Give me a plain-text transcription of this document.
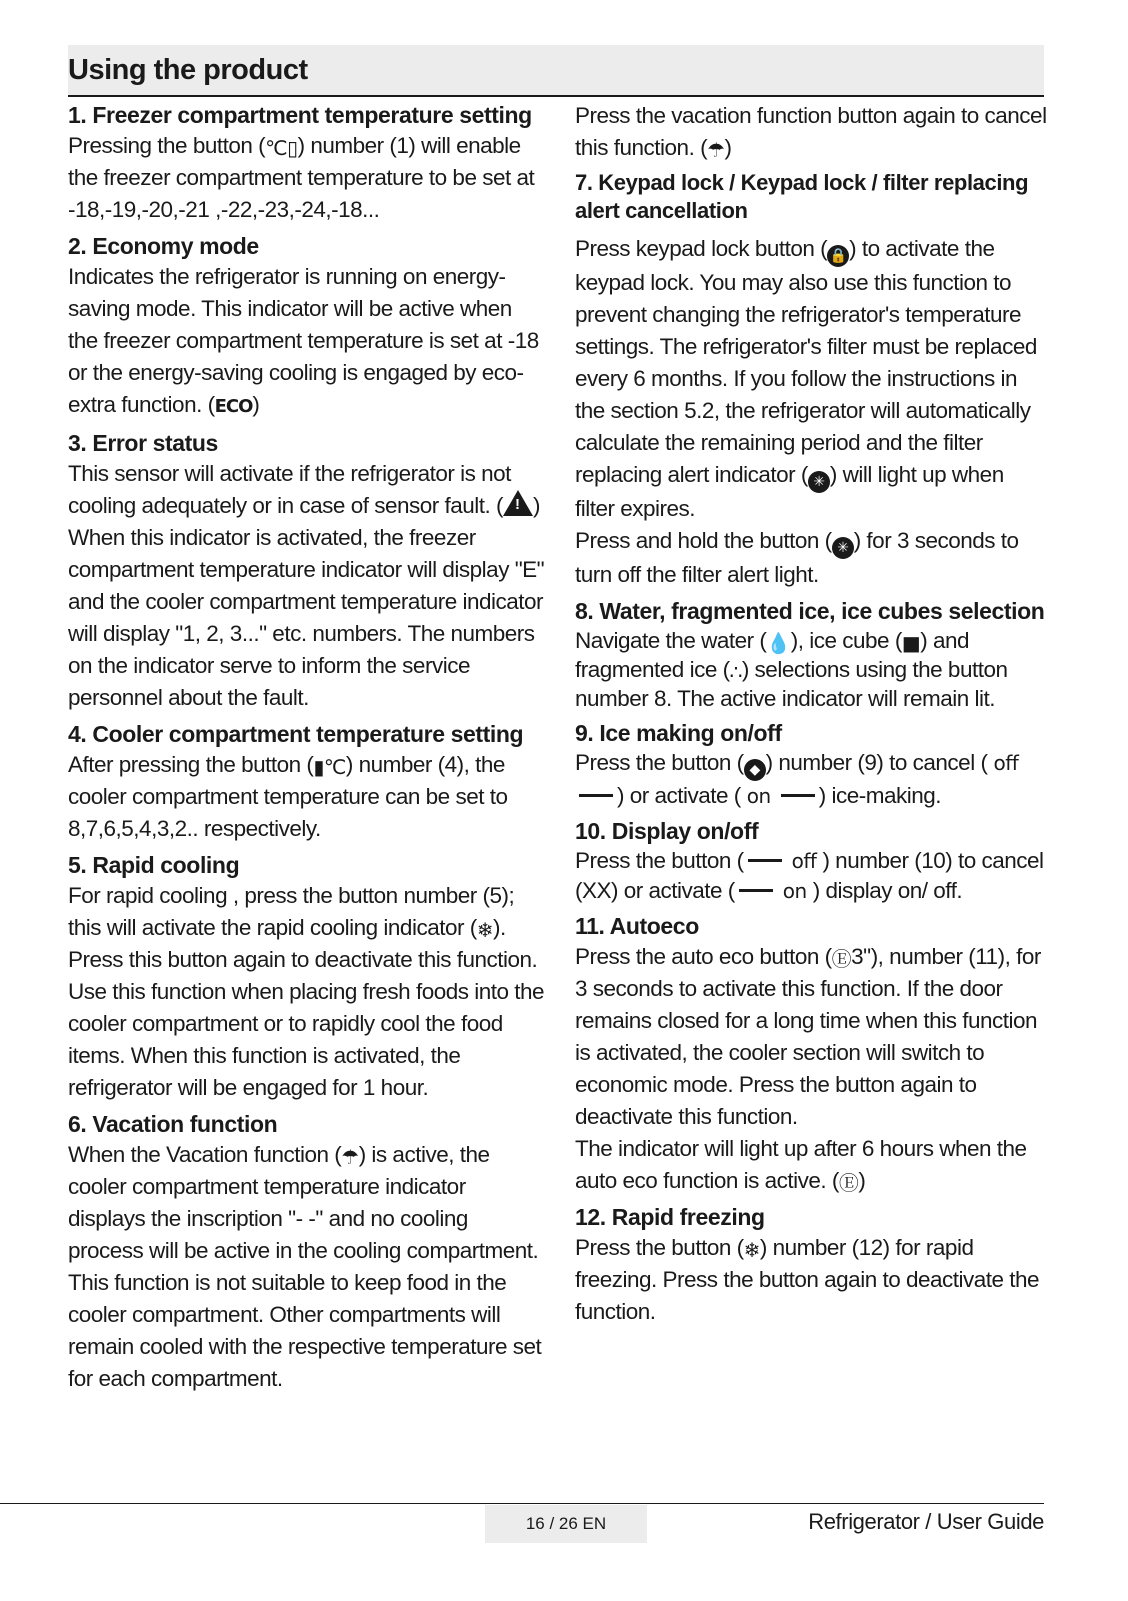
Using the product
1. Freezer compartment temperature setting

Pressing the button (℃▯) number (1) will enable the freezer compartment temperature to be set at -18,-19,-20,-21 ,-22,-23,-24,-18...

2. Economy mode

Indicates the refrigerator is running on energy-saving mode. This indicator will be active when the freezer compartment temperature is set at -18 or the energy-saving cooling is engaged by eco-extra function. (ECO)

3. Error status

This sensor will activate if the refrigerator is not cooling adequately or in case of sensor fault. (! )

When this indicator is activated, the freezer compartment temperature indicator will display "E" and the cooler compartment temperature indicator will display "1, 2, 3..." etc. numbers. The numbers on the indicator serve to inform the service personnel about the fault.

4. Cooler compartment temperature setting

After pressing the button (▮℃) number (4), the cooler compartment temperature can be set to 8,7,6,5,4,3,2.. respectively.

5. Rapid cooling

For rapid cooling , press the button number (5); this will activate the rapid cooling indicator (❄).

Press this button again to deactivate this function.

Use this function when placing fresh foods into the cooler compartment or to rapidly cool the food items. When this function is activated, the refrigerator will be engaged for 1 hour.

6. Vacation function

When the Vacation function (☂) is active, the cooler compartment temperature indicator displays the inscription "- -" and no cooling process will be active in the cooling compartment. This function is not suitable to keep food in the cooler compartment. Other compartments will remain cooled with the respective temperature set for each compartment.

Press the vacation function button again to cancel this function. (☂)

7. Keypad lock / Keypad lock / filter replacing alert cancellation

Press keypad lock button ( 🔒 ) to activate the keypad lock. You may also use this function to prevent changing the refrigerator's temperature settings. The refrigerator's filter must be replaced every 6 months. If you follow the instructions in the section 5.2, the refrigerator will automatically calculate the remaining period and the filter replacing alert indicator ( ✳ ) will light up when filter expires.

Press and hold the button ( ✳ ) for 3 seconds to turn off the filter alert light.

8. Water, fragmented ice, ice cubes selection

Navigate the water (💧), ice cube (■) and fragmented ice (∴) selections using the button number 8. The active indicator will remain lit.

9. Ice making on/off

Press the button ( ◆ ) number (9) to cancel ( off) or activate ( on ) ice-making.

10. Display on/off

Press the button ( off ) number (10) to cancel (XX) or activate ( on ) display on/ off.

11. Autoeco

Press the auto eco button (Ⓔ3"), number (11), for 3 seconds to activate this function. If the door remains closed for a long time when this function is activated, the cooler section will switch to economic mode. Press the button again to deactivate this function.

The indicator will light up after 6 hours when the auto eco function is active. (Ⓔ)

12. Rapid freezing

Press the button (❄) number (12) for rapid freezing. Press the button again to deactivate the function.

16 / 26 EN	Refrigerator / User Guide
